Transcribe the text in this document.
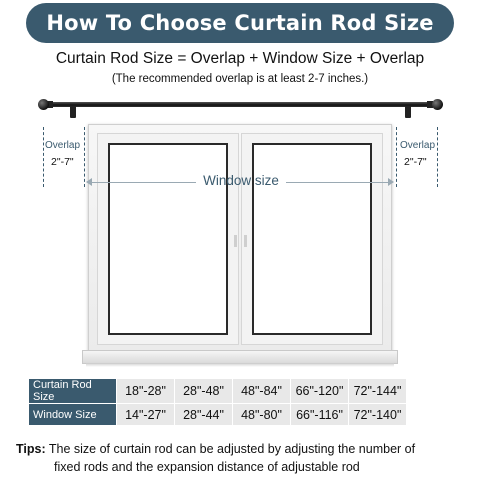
How To Choose Curtain Rod Size
Curtain Rod Size = Overlap + Window Size + Overlap
(The recommended overlap is at least 2-7 inches.)
Overlap
2"-7"
Overlap
2"-7"
Window size
Curtain Rod Size	18"-28"	28"-48"	48"-84"	66"-120"	72"-144"
Window Size	14"-27"	28"-44"	48"-80"	66"-116"	72"-140"
Tips: The size of curtain rod can be adjusted by adjusting the number of
fixed rods and the expansion distance of adjustable rod
